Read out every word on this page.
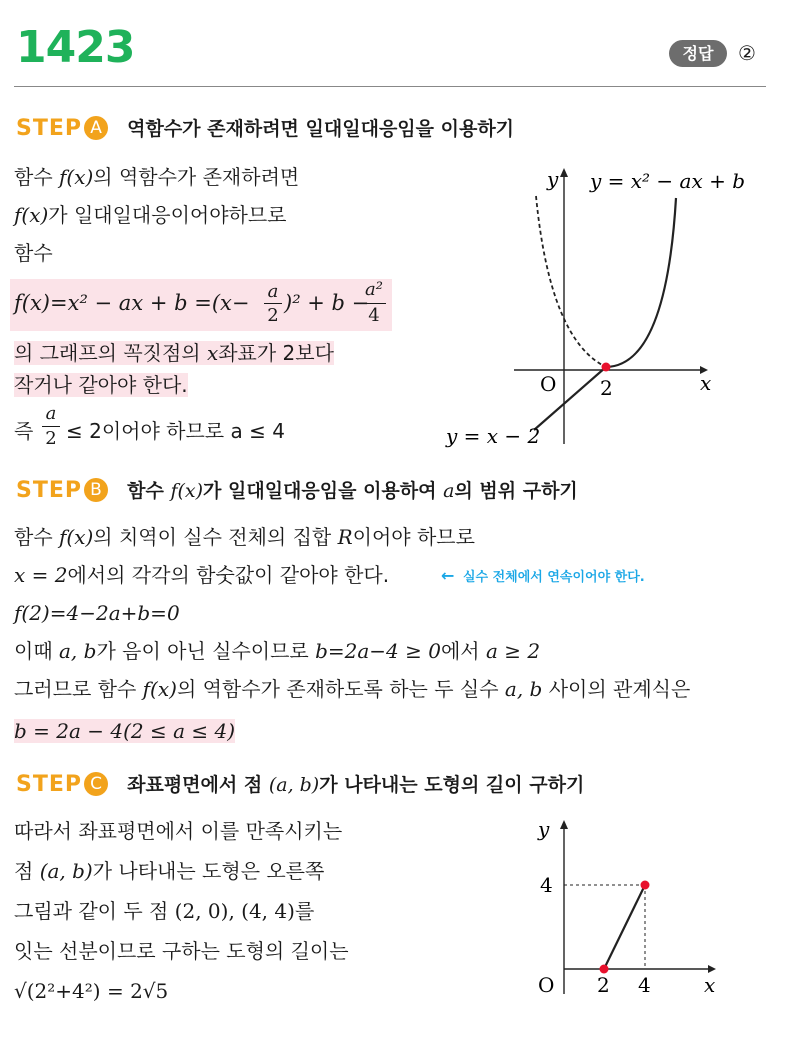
1423	정답	②
STEP A 역함수가 존재하려면 일대일대응임을 이용하기
함수 f(x)의 역함수가 존재하려면
f(x)가 일대일대응이어야하므로
함수
f(x)=x² − ax + b =(x− a
2
)² + b −
a²
4
의 그래프의 꼭짓점의 x좌표가 2보다
작거나 같아야 한다.
즉
a
2 ≤ 2이어야 하므로 a ≤ 4
y
x
O 2
y = x² − ax + b
y = x − 2
STEP B 함수 f(x)가 일대일대응임을 이용하여 a의 범위 구하기
함수 f(x)의 치역이 실수 전체의 집합 R이어야 하므로
x = 2에서의 각각의 함숫값이 같아야 한다.	← 실수 전체에서 연속이어야 한다.
f(2)=4−2a+b=0
이때 a, b가 음이 아닌 실수이므로 b=2a−4 ≥ 0에서 a ≥ 2
그러므로 함수 f(x)의 역함수가 존재하도록 하는 두 실수 a, b 사이의 관계식은
b = 2a − 4(2 ≤ a ≤ 4)
STEP C 좌표평면에서 점 (a, b)가 나타내는 도형의 길이 구하기
따라서 좌표평면에서 이를 만족시키는
점 (a, b)가 나타내는 도형은 오른쪽
그림과 같이 두 점 (2, 0), (4, 4)를
잇는 선분이므로 구하는 도형의 길이는
√(2²+4²) = 2√5
y
x
O 2 4
4
